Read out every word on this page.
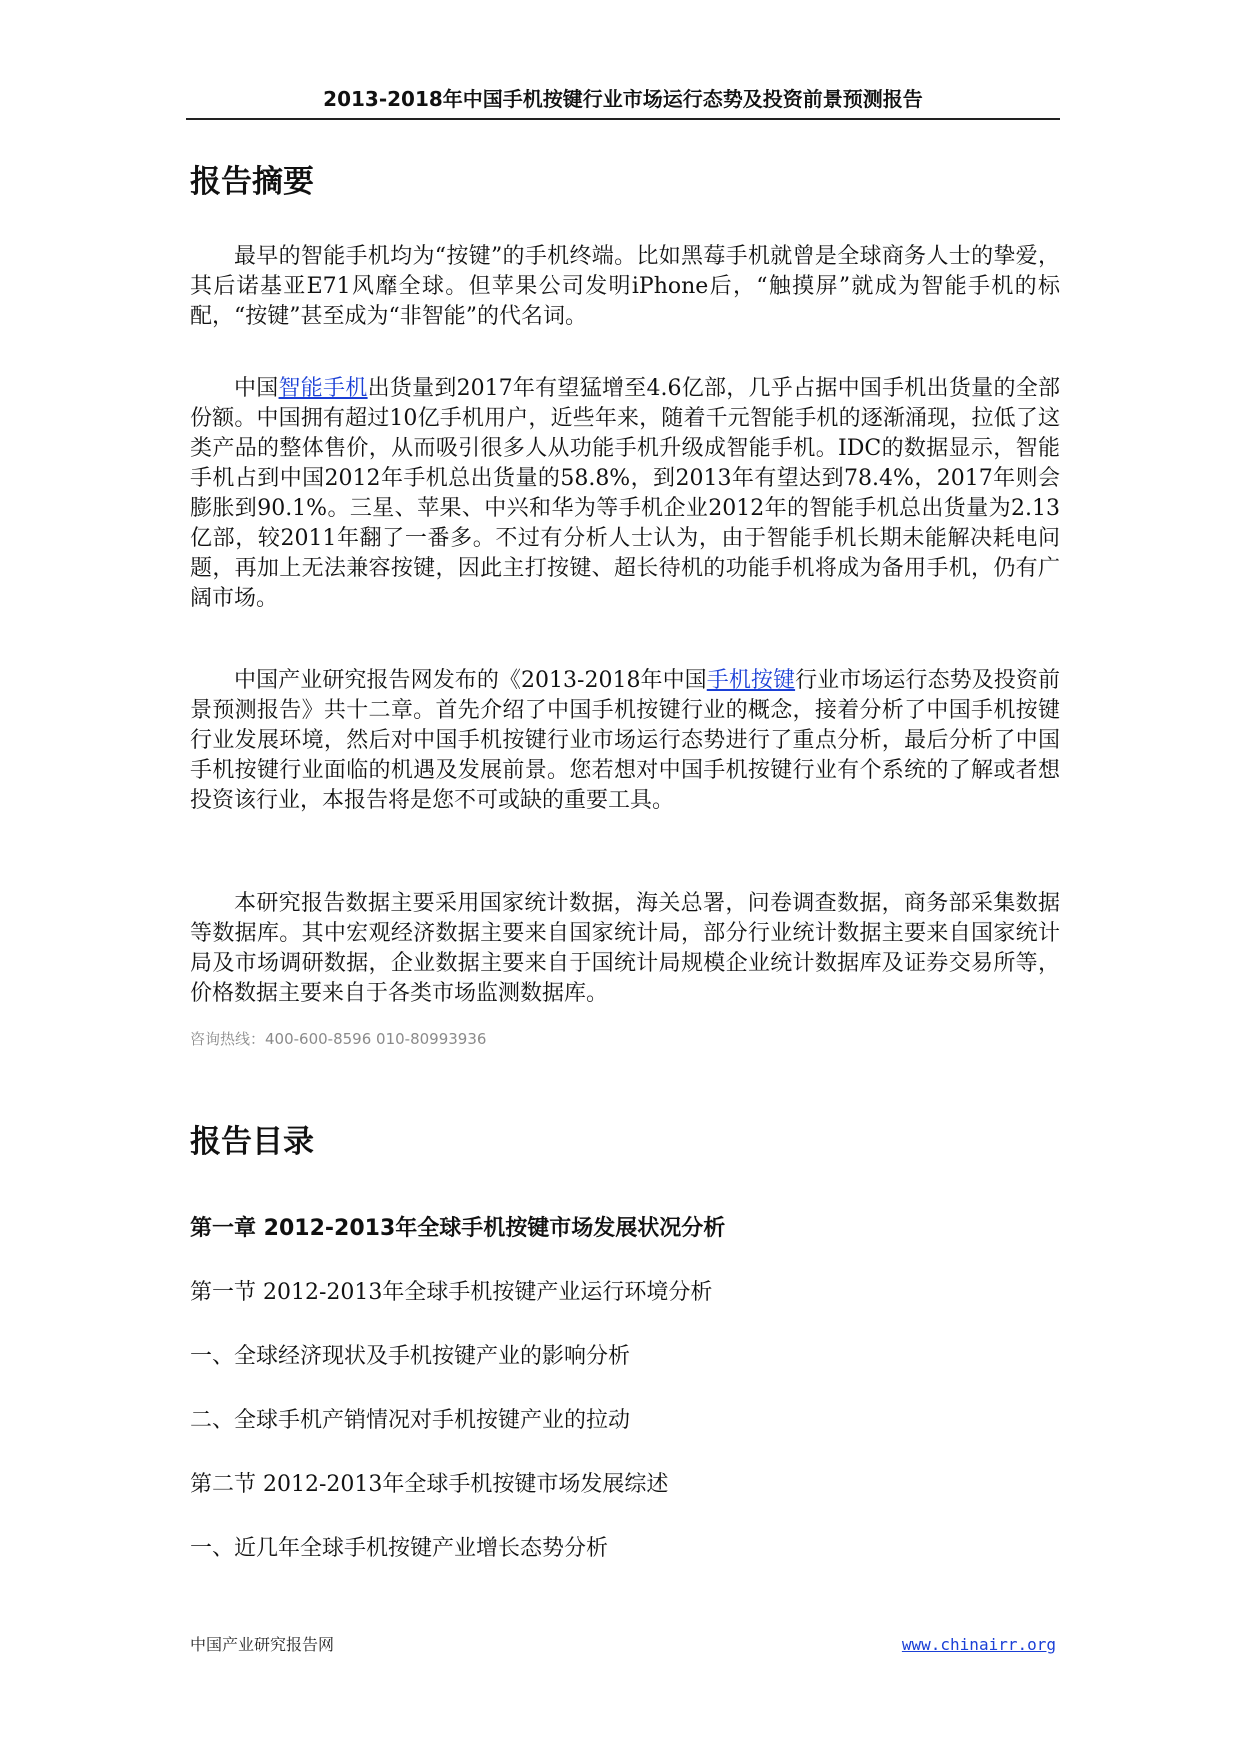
2013-2018年中国手机按键行业市场运行态势及投资前景预测报告
报告摘要

最早的智能手机均为“按键”的手机终端。比如黑莓手机就曾是全球商务人士的挚爱，其后诺基亚E71风靡全球。但苹果公司发明iPhone后，“触摸屏”就成为智能手机的标配，“按键”甚至成为“非智能”的代名词。

中国智能手机出货量到2017年有望猛增至4.6亿部，几乎占据中国手机出货量的全部份额。中国拥有超过10亿手机用户，近些年来，随着千元智能手机的逐渐涌现，拉低了这类产品的整体售价，从而吸引很多人从功能手机升级成智能手机。IDC的数据显示，智能手机占到中国2012年手机总出货量的58.8%，到2013年有望达到78.4%，2017年则会膨胀到90.1%。三星、苹果、中兴和华为等手机企业2012年的智能手机总出货量为2.13亿部，较2011年翻了一番多。不过有分析人士认为，由于智能手机长期未能解决耗电问题，再加上无法兼容按键，因此主打按键、超长待机的功能手机将成为备用手机，仍有广阔市场。

中国产业研究报告网发布的《2013-2018年中国手机按键行业市场运行态势及投资前景预测报告》共十二章。首先介绍了中国手机按键行业的概念，接着分析了中国手机按键行业发展环境，然后对中国手机按键行业市场运行态势进行了重点分析，最后分析了中国手机按键行业面临的机遇及发展前景。您若想对中国手机按键行业有个系统的了解或者想投资该行业，本报告将是您不可或缺的重要工具。

本研究报告数据主要采用国家统计数据，海关总署，问卷调查数据，商务部采集数据等数据库。其中宏观经济数据主要来自国家统计局，部分行业统计数据主要来自国家统计局及市场调研数据，企业数据主要来自于国统计局规模企业统计数据库及证券交易所等，价格数据主要来自于各类市场监测数据库。

咨询热线：400-600-8596 010-80993936

报告目录

第一章 2012-2013年全球手机按键市场发展状况分析

第一节 2012-2013年全球手机按键产业运行环境分析

一、全球经济现状及手机按键产业的影响分析

二、全球手机产销情况对手机按键产业的拉动

第二节 2012-2013年全球手机按键市场发展综述

一、近几年全球手机按键产业增长态势分析

中国产业研究报告网	www.chinairr.org
